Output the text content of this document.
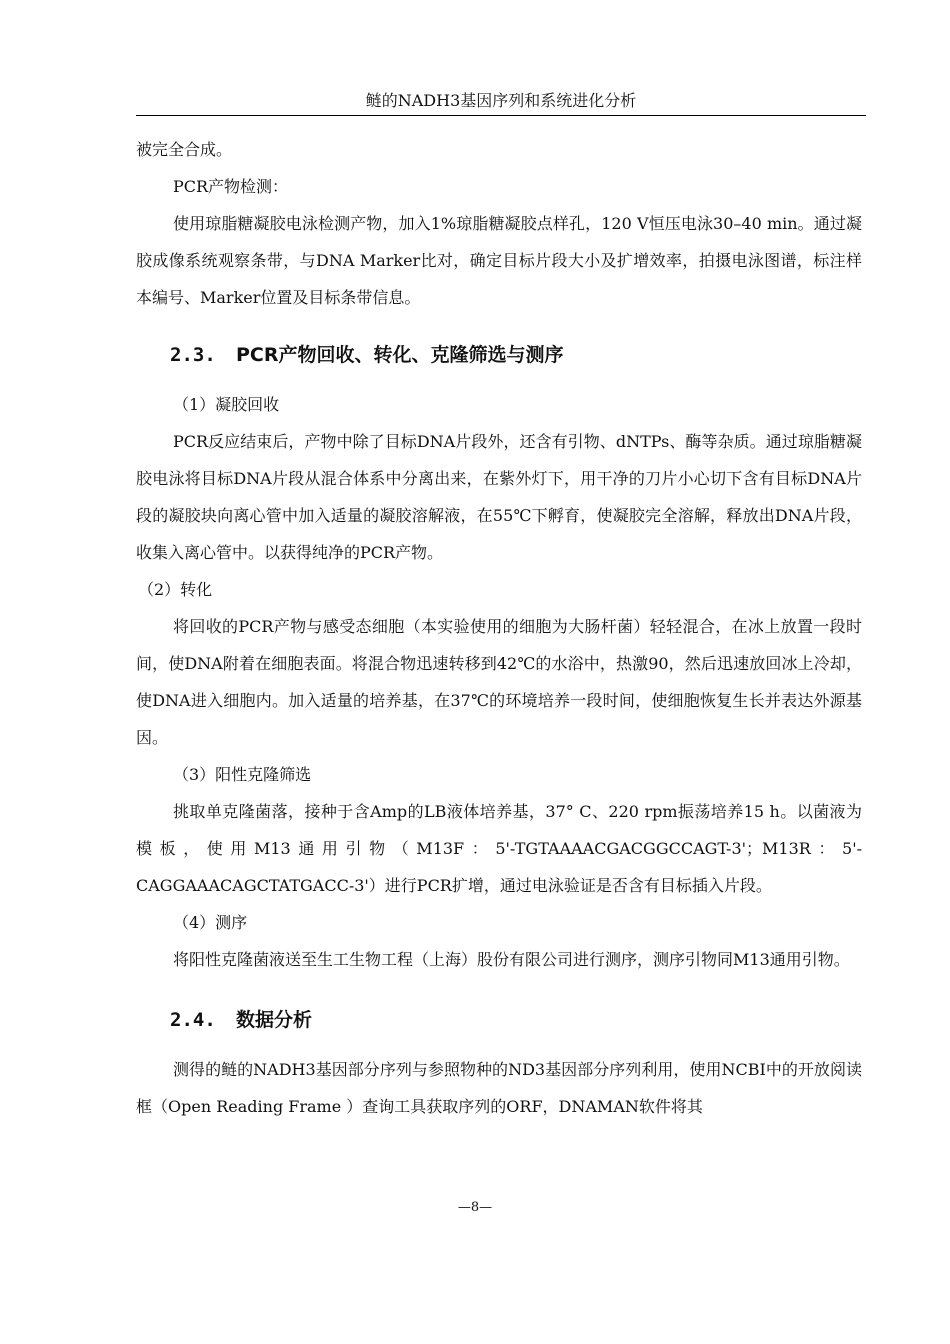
鲢的NADH3基因序列和系统进化分析

被完全合成。

PCR产物检测：

使用琼脂糖凝胶电泳检测产物，加入1%琼脂糖凝胶点样孔，120 V恒压电泳30–40 min。通过凝胶成像系统观察条带，与DNA Marker比对，确定目标片段大小及扩增效率，拍摄电泳图谱，标注样本编号、Marker位置及目标条带信息。

2.3. PCR产物回收、转化、克隆筛选与测序

（1）凝胶回收

PCR反应结束后，产物中除了目标DNA片段外，还含有引物、dNTPs、酶等杂质。通过琼脂糖凝胶电泳将目标DNA片段从混合体系中分离出来，在紫外灯下，用干净的刀片小心切下含有目标DNA片段的凝胶块向离心管中加入适量的凝胶溶解液，在55℃下孵育，使凝胶完全溶解，释放出DNA片段，收集入离心管中。以获得纯净的PCR产物。

（2）转化

将回收的PCR产物与感受态细胞（本实验使用的细胞为大肠杆菌）轻轻混合，在冰上放置一段时间，使DNA附着在细胞表面。将混合物迅速转移到42℃的水浴中，热激90，然后迅速放回冰上冷却，使DNA进入细胞内。加入适量的培养基，在37℃的环境培养一段时间，使细胞恢复生长并表达外源基因。

（3）阳性克隆筛选

挑取单克隆菌落，接种于含Amp的LB液体培养基，37° C、220 rpm振荡培养15 h。以菌液为模板，使用M13通用引物（M13F：5'-TGTAAAACGACGGCCAGT-3'；M13R：5'-CAGGAAACAGCTATGACC-3'）进行PCR扩增，通过电泳验证是否含有目标插入片段。

（4）测序

将阳性克隆菌液送至生工生物工程（上海）股份有限公司进行测序，测序引物同M13通用引物。

2.4. 数据分析

测得的鲢的NADH3基因部分序列与参照物种的ND3基因部分序列利用，使用NCBI中的开放阅读框（Open Reading Frame ）查询工具获取序列的ORF，DNAMAN软件将其

—8—
